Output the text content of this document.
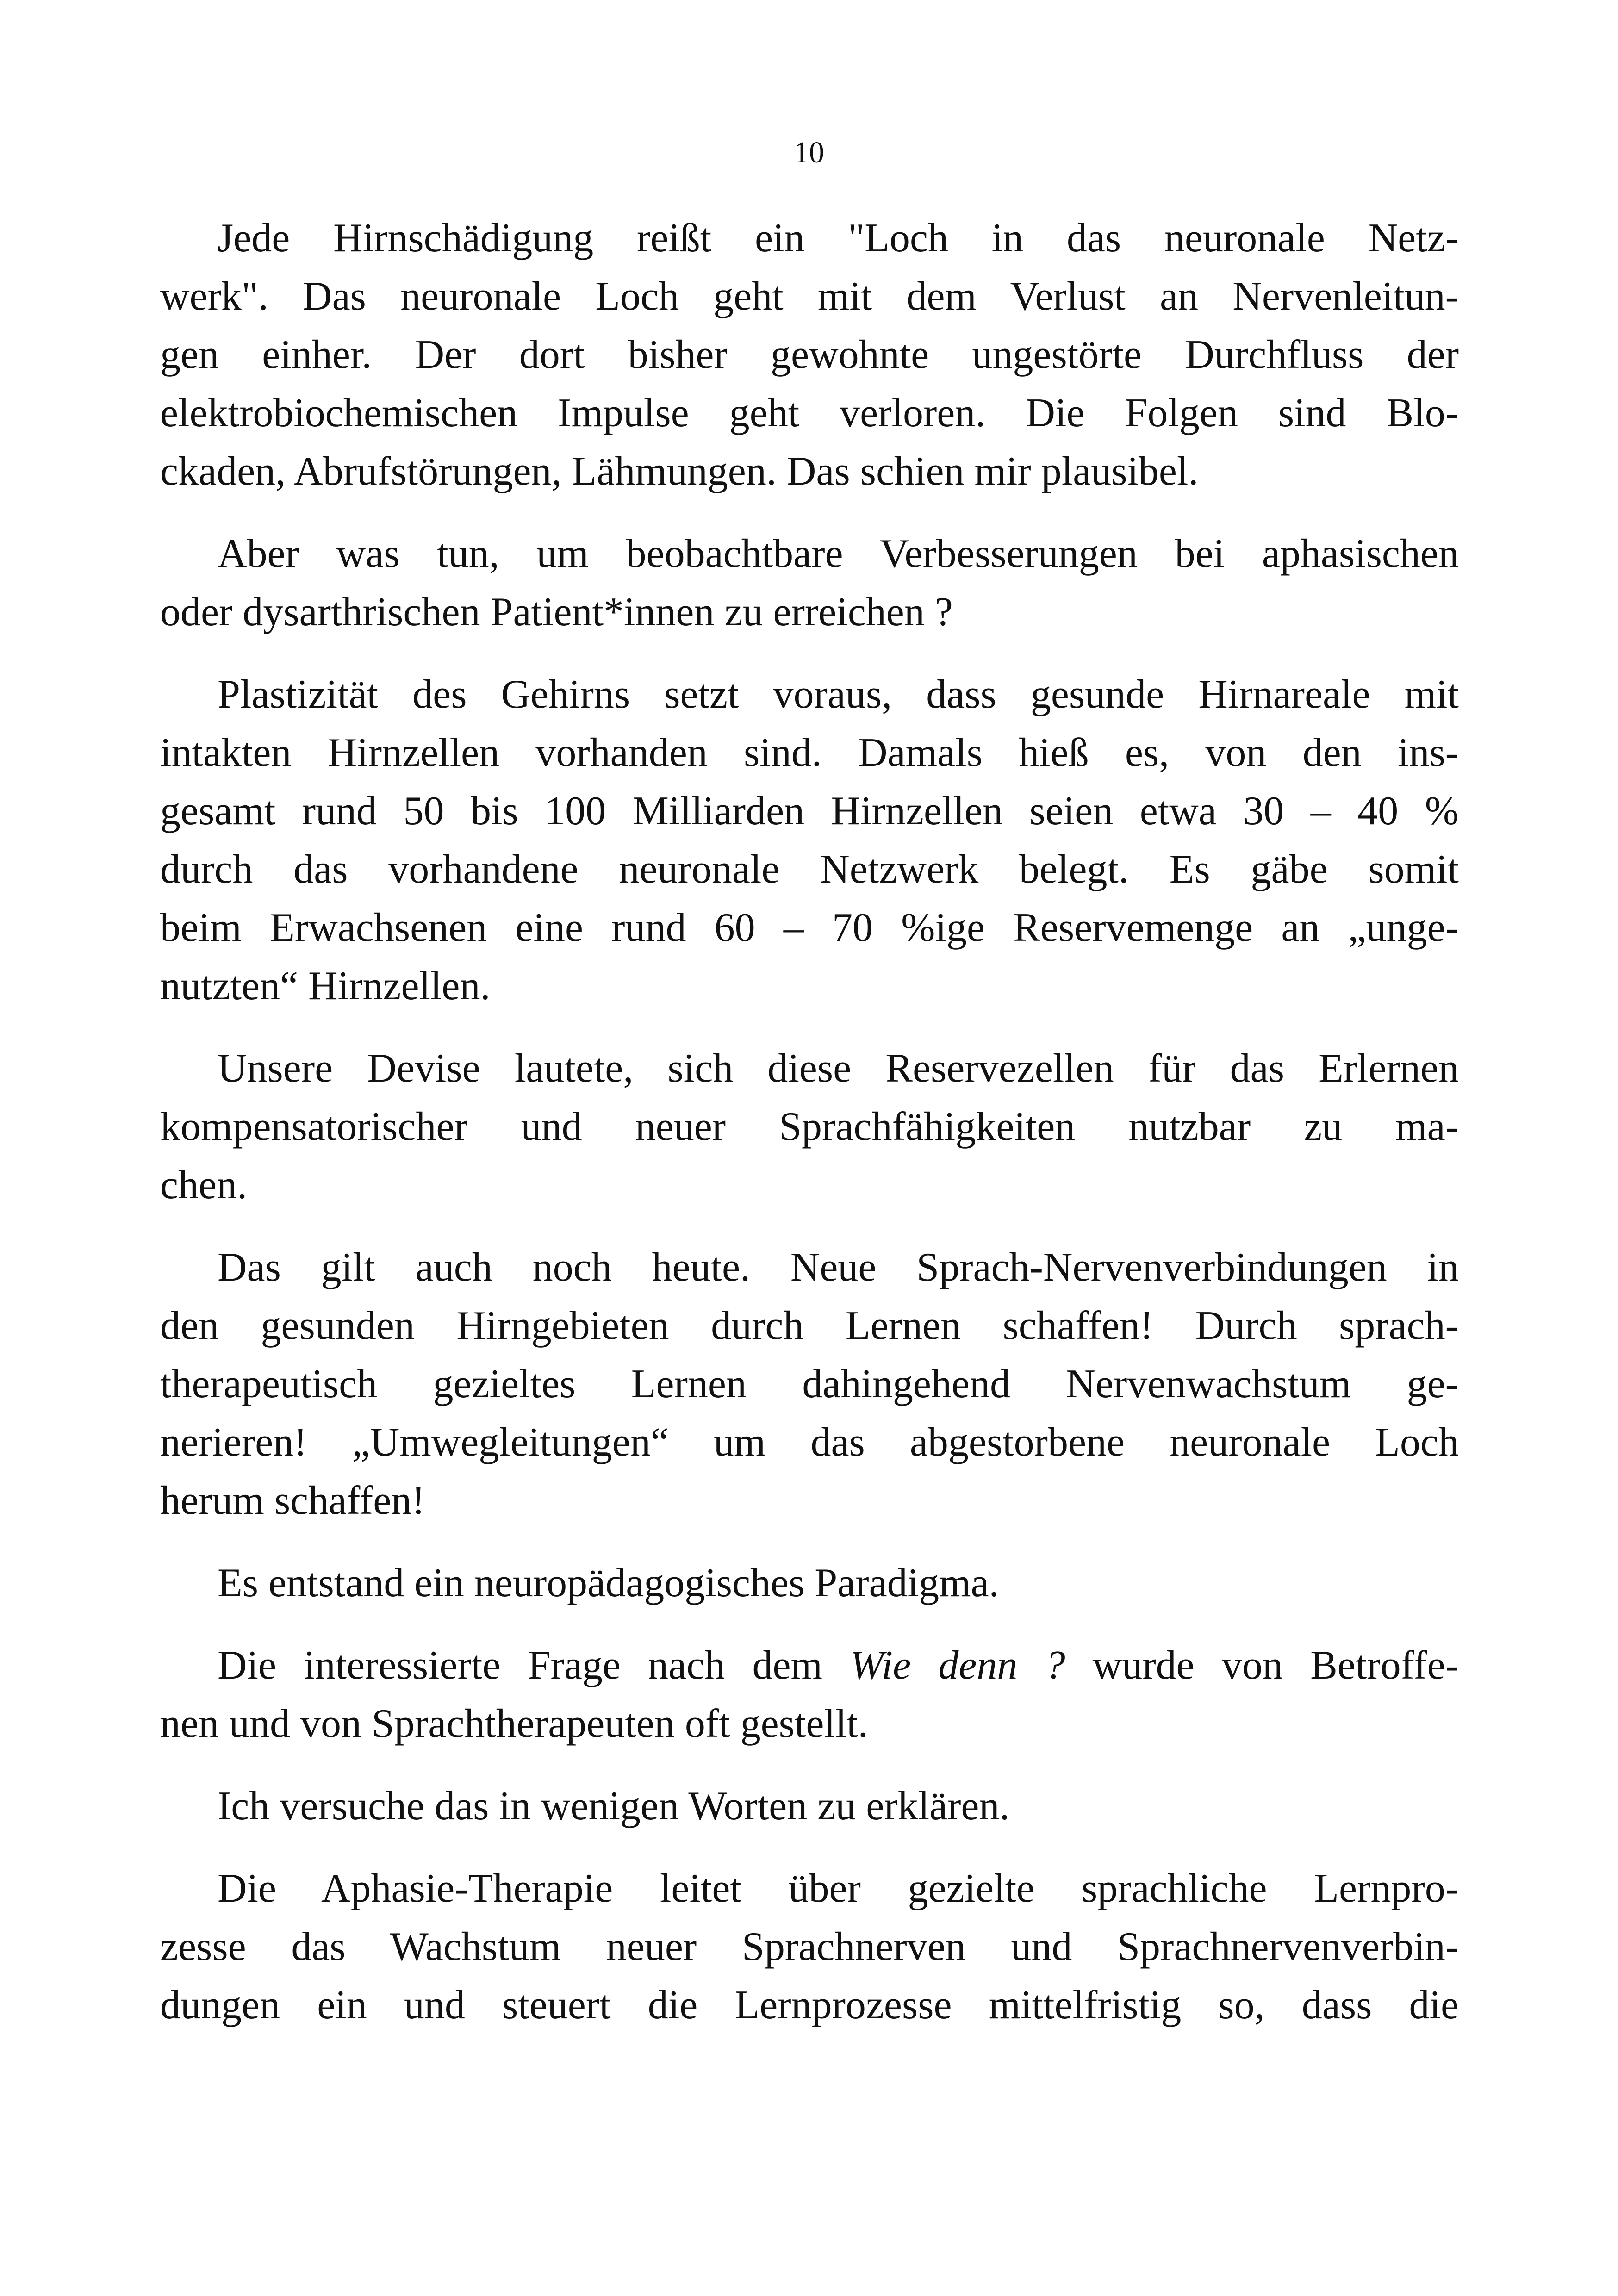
10

Jede Hirnschädigung reißt ein "Loch in das neuronale Netz-
werk". Das neuronale Loch geht mit dem Verlust an Nervenleitun-
gen einher. Der dort bisher gewohnte ungestörte Durchfluss der
elektrobiochemischen Impulse geht verloren. Die Folgen sind Blo-
ckaden, Abrufstörungen, Lähmungen. Das schien mir plausibel.

Aber was tun, um beobachtbare Verbesserungen bei aphasischen
oder dysarthrischen Patient*innen zu erreichen ?

Plastizität des Gehirns setzt voraus, dass gesunde Hirnareale mit
intakten Hirnzellen vorhanden sind. Damals hieß es, von den ins-
gesamt rund 50 bis 100 Milliarden Hirnzellen seien etwa 30 – 40 %
durch das vorhandene neuronale Netzwerk belegt. Es gäbe somit
beim Erwachsenen eine rund 60 – 70 %ige Reservemenge an „unge-
nutzten“ Hirnzellen.

Unsere Devise lautete, sich diese Reservezellen für das Erlernen
kompensatorischer und neuer Sprachfähigkeiten nutzbar zu ma-
chen.

Das gilt auch noch heute. Neue Sprach-Nervenverbindungen in
den gesunden Hirngebieten durch Lernen schaffen! Durch sprach-
therapeutisch gezieltes Lernen dahingehend Nervenwachstum ge-
nerieren! „Umwegleitungen“ um das abgestorbene neuronale Loch
herum schaffen!

Es entstand ein neuropädagogisches Paradigma.

Die interessierte Frage nach dem Wie denn ? wurde von Betroffe-
nen und von Sprachtherapeuten oft gestellt.

Ich versuche das in wenigen Worten zu erklären.

Die Aphasie-Therapie leitet über gezielte sprachliche Lernpro-
zesse das Wachstum neuer Sprachnerven und Sprachnervenverbin-
dungen ein und steuert die Lernprozesse mittelfristig so, dass die
